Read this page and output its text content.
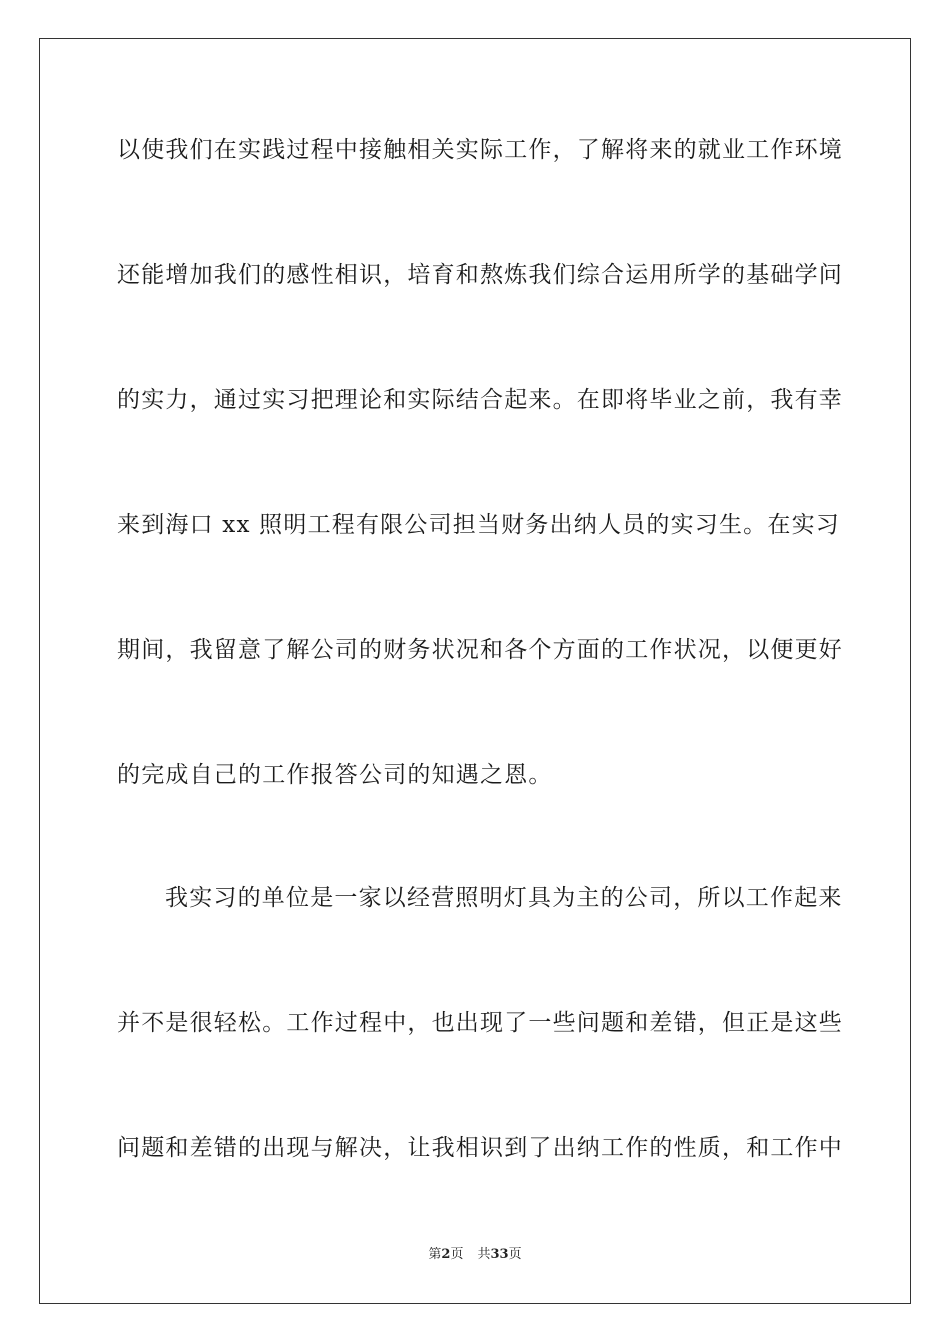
以使我们在实践过程中接触相关实际工作，了解将来的就业工作环境
还能增加我们的感性相识，培育和熬炼我们综合运用所学的基础学问
的实力，通过实习把理论和实际结合起来。在即将毕业之前，我有幸
来到海口 xx 照明工程有限公司担当财务出纳人员的实习生。在实习
期间，我留意了解公司的财务状况和各个方面的工作状况，以便更好
的完成自己的工作报答公司的知遇之恩。
我实习的单位是一家以经营照明灯具为主的公司，所以工作起来
并不是很轻松。工作过程中，也出现了一些问题和差错，但正是这些
问题和差错的出现与解决，让我相识到了出纳工作的性质，和工作中
第2页 共33页
